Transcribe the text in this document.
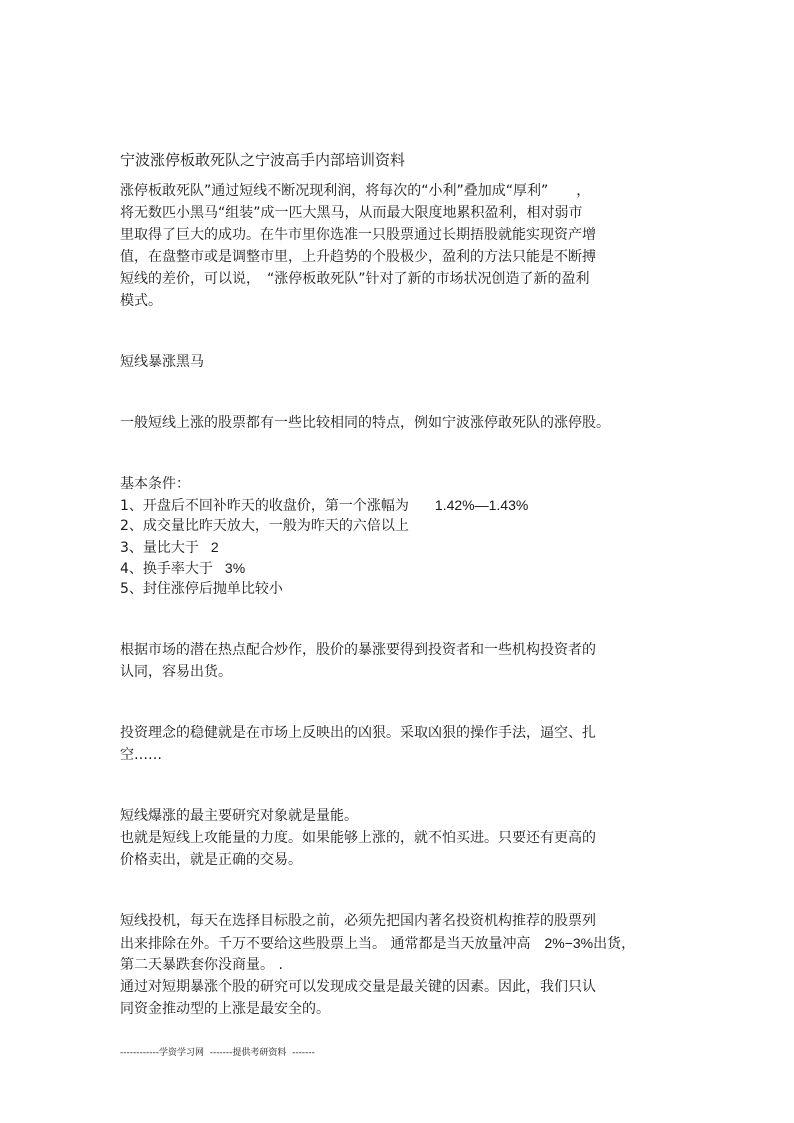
宁波涨停板敢死队之宁波高手内部培训资料
涨停板敢死队”通过短线不断况现利润，将每次的“小利”叠加成“厚利”　　，
将无数匹小黑马“组装”成一匹大黑马，从而最大限度地累积盈利，相对弱市
里取得了巨大的成功。在牛市里你选准一只股票通过长期捂股就能实现资产增
值，在盘整市或是调整市里，上升趋势的个股极少，盈利的方法只能是不断搏
短线的差价，可以说，　“涨停板敢死队”针对了新的市场状况创造了新的盈利
模式。
短线暴涨黑马
一般短线上涨的股票都有一些比较相同的特点，例如宁波涨停敢死队的涨停股。
基本条件：
1、开盘后不回补昨天的收盘价，第一个涨幅为 1.42%—1.43%
2、成交量比昨天放大，一般为昨天的六倍以上
3、量比大于 2
4、换手率大于 3%
5、封住涨停后抛单比较小
根据市场的潜在热点配合炒作，股价的暴涨要得到投资者和一些机构投资者的
认同，容易出货。
投资理念的稳健就是在市场上反映出的凶狠。采取凶狠的操作手法，逼空、扎
空……
短线爆涨的最主要研究对象就是量能。
也就是短线上攻能量的力度。如果能够上涨的，就不怕买进。只要还有更高的
价格卖出，就是正确的交易。
短线投机，每天在选择目标股之前，必须先把国内著名投资机构推荐的股票列
出来排除在外。千万不要给这些股票上当。 通常都是当天放量冲高 2%−3%出货，
第二天暴跌套你没商量。 .
通过对短期暴涨个股的研究可以发现成交量是最关键的因素。因此，我们只认
同资金推动型的上涨是最安全的。
------------学资学习网  -------提供考研资料  -------
